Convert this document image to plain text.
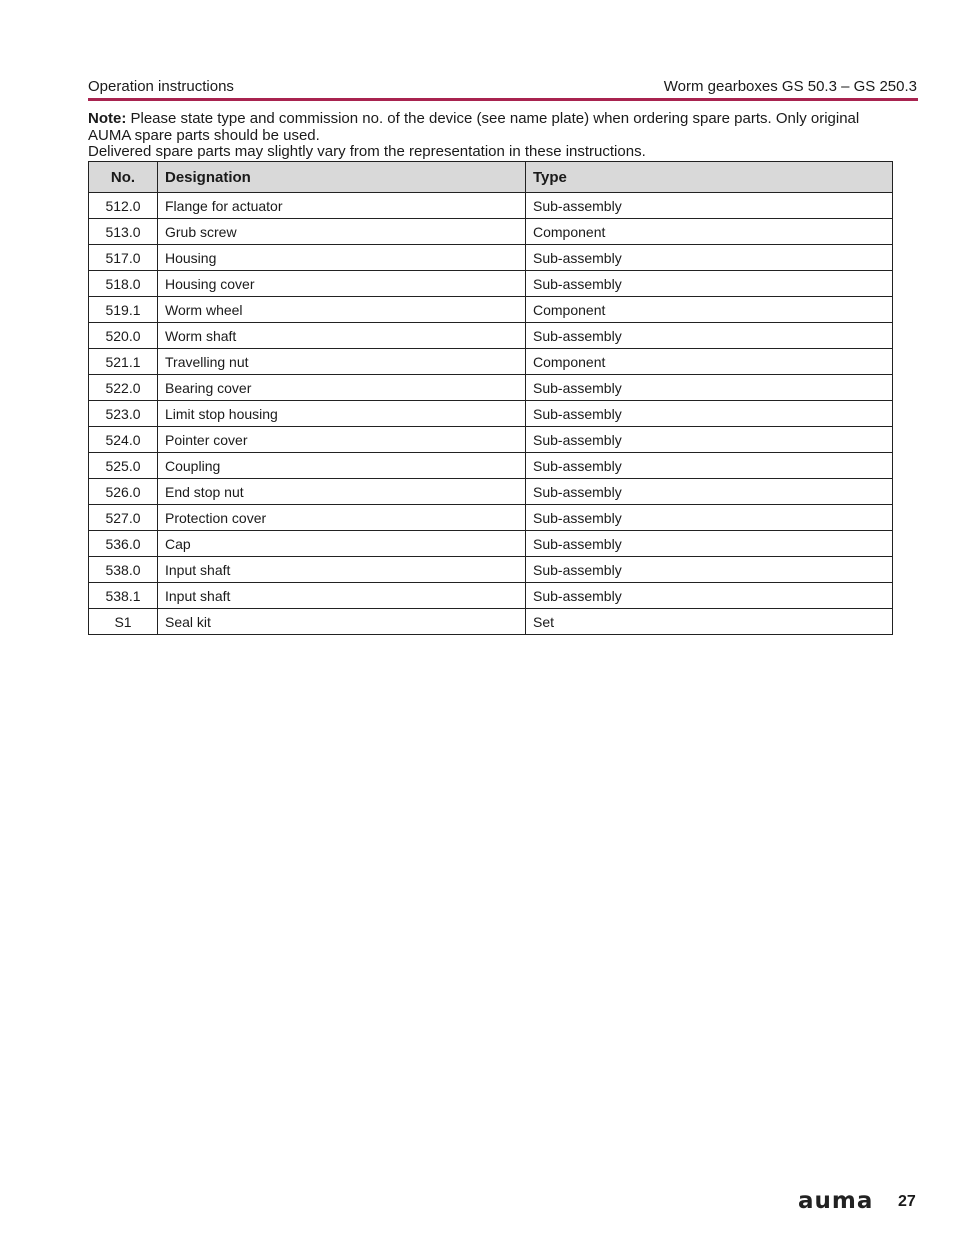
Operation instructions	Worm gearboxes GS 50.3 – GS 250.3
Note: Please state type and commission no. of the device (see name plate) when ordering spare parts. Only original AUMA spare parts should be used.
Delivered spare parts may slightly vary from the representation in these instructions.
No.	Designation	Type
512.0	Flange for actuator	Sub-assembly
513.0	Grub screw	Component
517.0	Housing	Sub-assembly
518.0	Housing cover	Sub-assembly
519.1	Worm wheel	Component
520.0	Worm shaft	Sub-assembly
521.1	Travelling nut	Component
522.0	Bearing cover	Sub-assembly
523.0	Limit stop housing	Sub-assembly
524.0	Pointer cover	Sub-assembly
525.0	Coupling	Sub-assembly
526.0	End stop nut	Sub-assembly
527.0	Protection cover	Sub-assembly
536.0	Cap	Sub-assembly
538.0	Input shaft	Sub-assembly
538.1	Input shaft	Sub-assembly
S1	Seal kit	Set
auma 27
